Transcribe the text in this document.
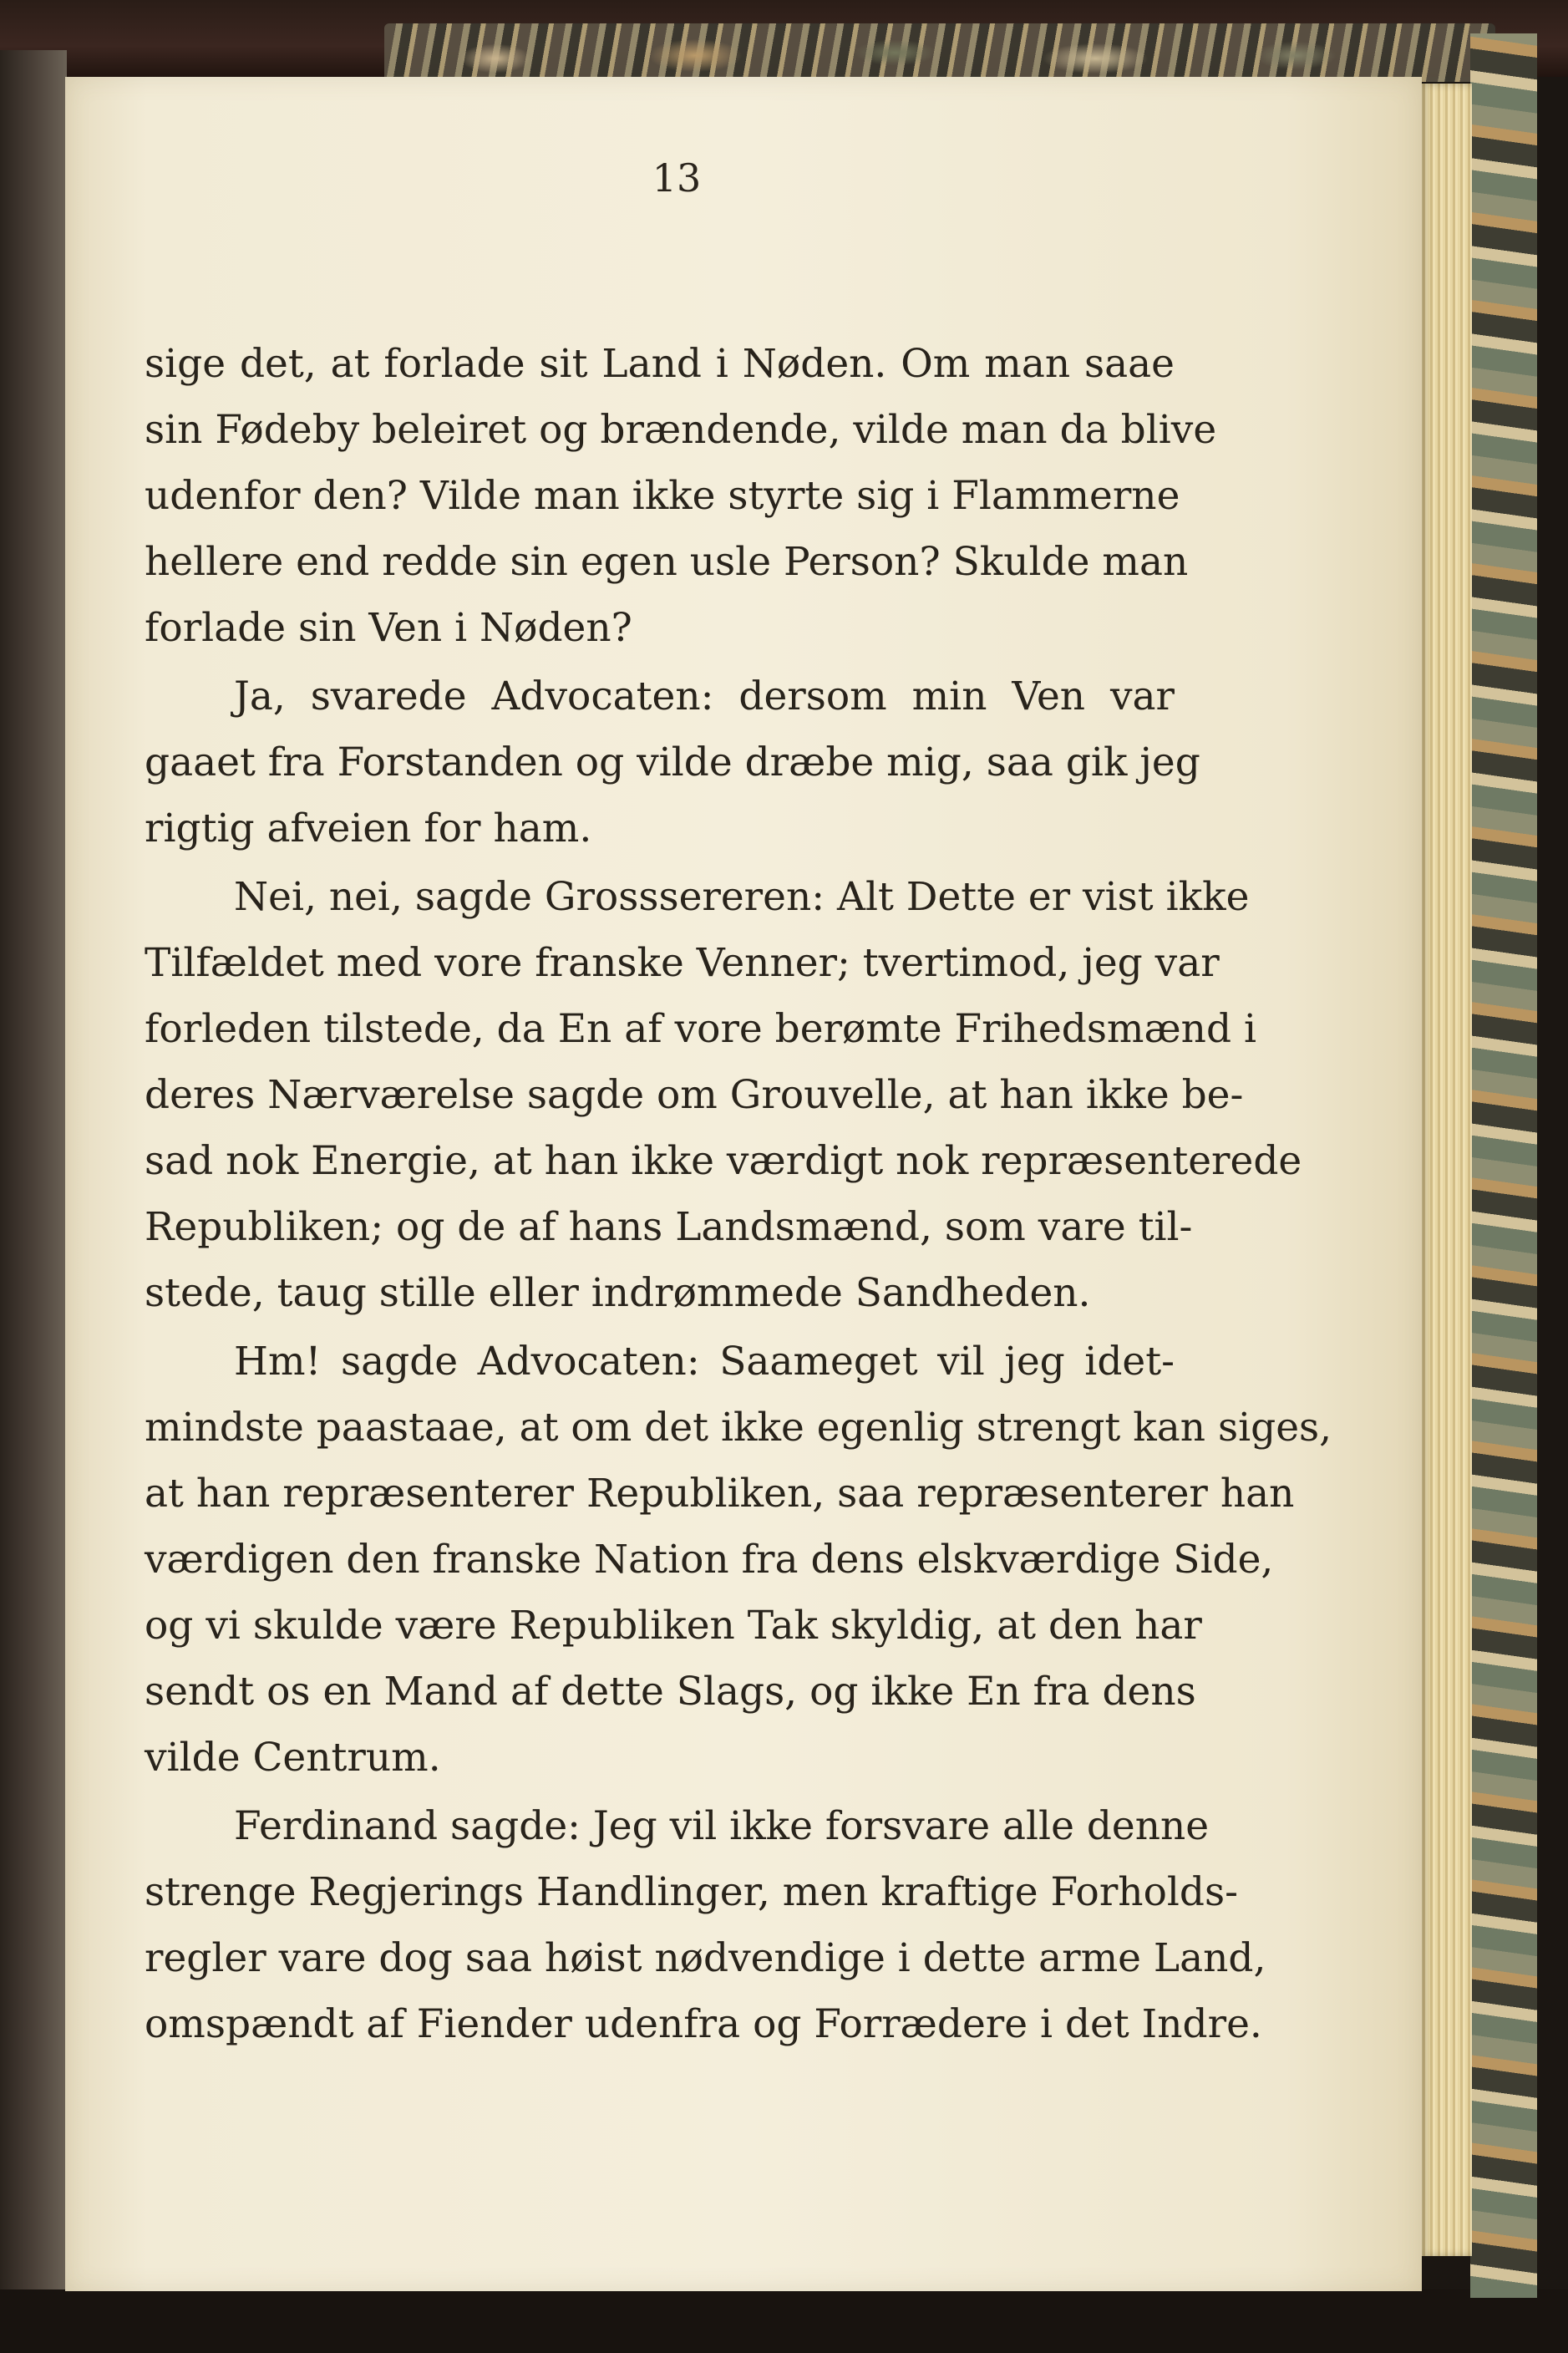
13
sige det, at forlade sit Land i Nøden. Om man saae
sin Fødeby beleiret og brændende, vilde man da blive
udenfor den? Vilde man ikke styrte sig i Flammerne
hellere end redde sin egen usle Person? Skulde man
forlade sin Ven i Nøden?
Ja, svarede Advocaten: dersom min Ven var
gaaet fra Forstanden og vilde dræbe mig, saa gik jeg
rigtig afveien for ham.
Nei, nei, sagde Grosssereren: Alt Dette er vist ikke
Tilfældet med vore franske Venner; tvertimod, jeg var
forleden tilstede, da En af vore berømte Frihedsmænd i
deres Nærværelse sagde om Grouvelle, at han ikke be-
sad nok Energie, at han ikke værdigt nok repræsenterede
Republiken; og de af hans Landsmænd, som vare til-
stede, taug stille eller indrømmede Sandheden.
Hm! sagde Advocaten: Saameget vil jeg idet-
mindste paastaae, at om det ikke egenlig strengt kan siges,
at han repræsenterer Republiken, saa repræsenterer han
værdigen den franske Nation fra dens elskværdige Side,
og vi skulde være Republiken Tak skyldig, at den har
sendt os en Mand af dette Slags, og ikke En fra dens
vilde Centrum.
Ferdinand sagde: Jeg vil ikke forsvare alle denne
strenge Regjerings Handlinger, men kraftige Forholds-
regler vare dog saa høist nødvendige i dette arme Land,
omspændt af Fiender udenfra og Forrædere i det Indre.
